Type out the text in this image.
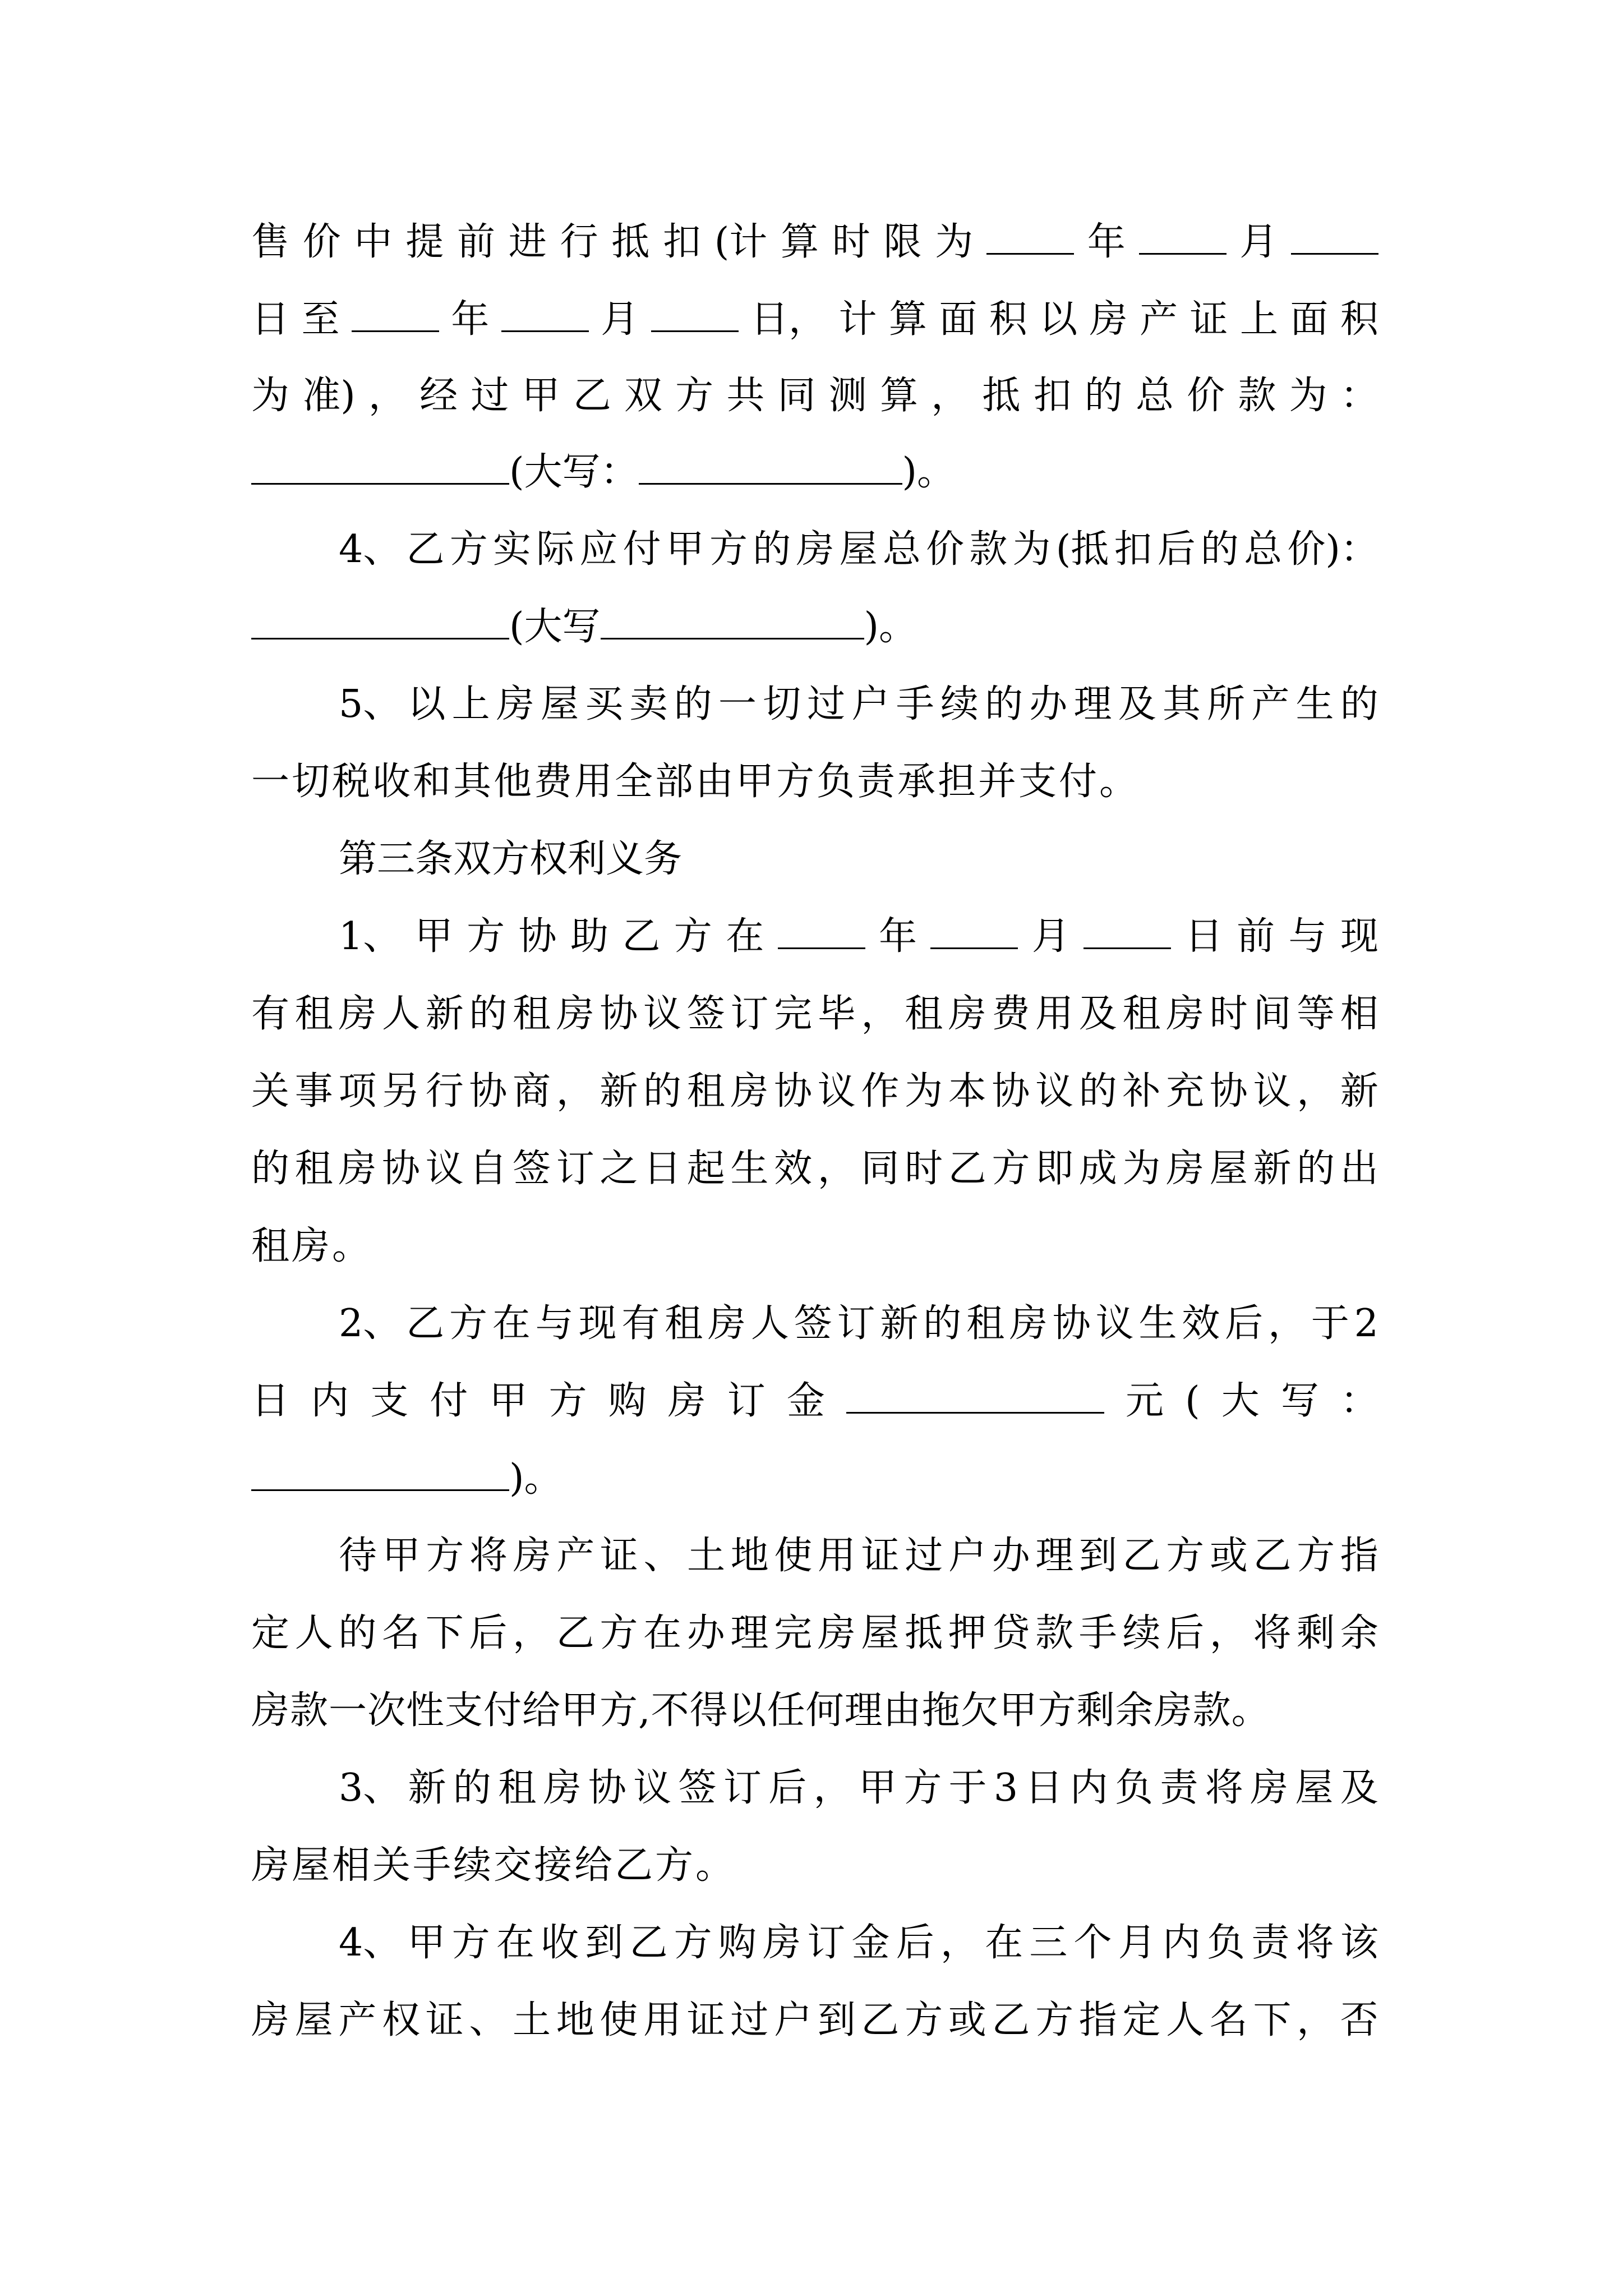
售 价 中 提 前 进 行 抵 扣 (计 算 时 限 为	年	月
日 至	年	月	日， 计 算 面 积 以 房 产 证 上 面 积
为 准) ， 经 过 甲 乙 双 方 共 同 测 算 ， 抵 扣 的 总 价 款 为 ：
(大写：	)。
4、 乙 方 实 际 应 付 甲 方 的 房 屋 总 价 款 为 (抵 扣 后 的 总 价)：
(大写	)。
5、 以 上 房 屋 买 卖 的 一 切 过 户 手 续 的 办 理 及 其 所 产 生 的
一切税收和其他费用全部由甲方负责承担并支付。
第三条双方权利义务
1、 甲 方 协 助 乙 方 在	年	月	日 前 与 现
有 租 房 人 新 的 租 房 协 议 签 订 完 毕 ， 租 房 费 用 及 租 房 时 间 等 相
关 事 项 另 行 协 商 ， 新 的 租 房 协 议 作 为 本 协 议 的 补 充 协 议 ， 新
的 租 房 协 议 自 签 订 之 日 起 生 效 ， 同 时 乙 方 即 成 为 房 屋 新 的 出
租房。
2、 乙 方 在 与 现 有 租 房 人 签 订 新 的 租 房 协 议 生 效 后 ， 于 2
日 内 支 付 甲 方 购 房 订 金	元 ( 大 写 ：
)。
待 甲 方 将 房 产 证 、 土 地 使 用 证 过 户 办 理 到 乙 方 或 乙 方 指
定 人 的 名 下 后 ， 乙 方 在 办 理 完 房 屋 抵 押 贷 款 手 续 后 ， 将 剩 余
房款一次性支付给甲方,不得以任何理由拖欠甲方剩余房款。
3、 新 的 租 房 协 议 签 订 后 ， 甲 方 于 3 日 内 负 责 将 房 屋 及
房屋相关手续交接给乙方。
4、 甲 方 在 收 到 乙 方 购 房 订 金 后 ， 在 三 个 月 内 负 责 将 该
房 屋 产 权 证 、 土 地 使 用 证 过 户 到 乙 方 或 乙 方 指 定 人 名 下 ， 否
